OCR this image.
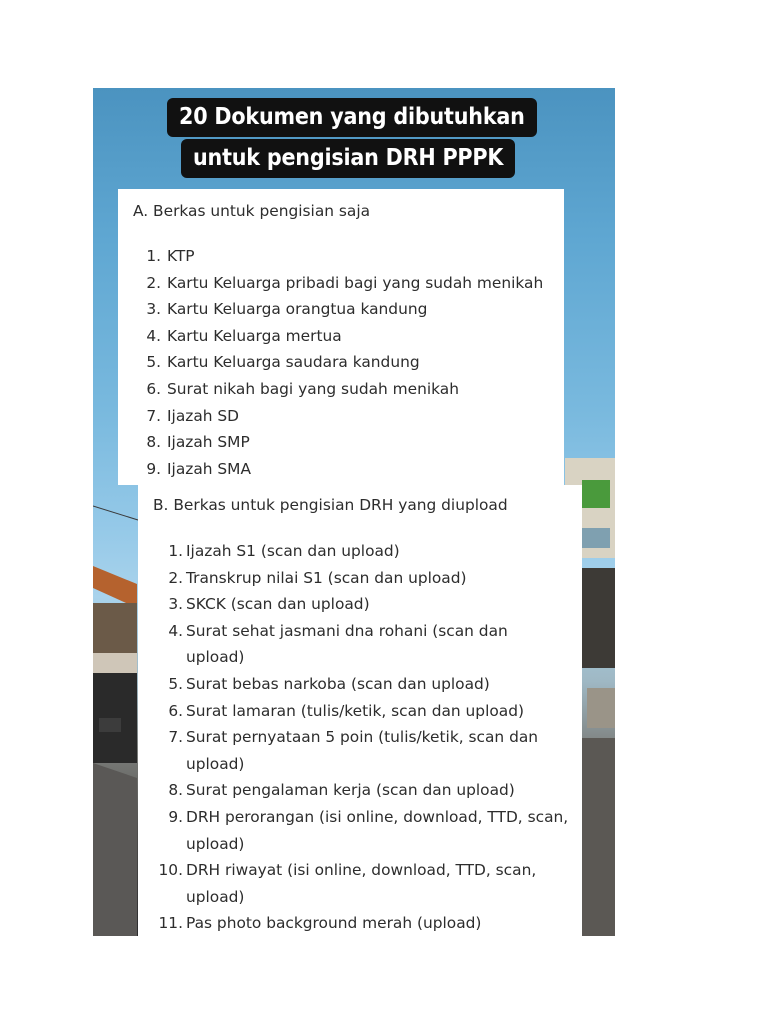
20 Dokumen yang dibutuhkan
untuk pengisian DRH PPPK
A. Berkas untuk pengisian saja
1. KTP
2. Kartu Keluarga pribadi bagi yang sudah menikah
3. Kartu Keluarga orangtua kandung
4. Kartu Keluarga mertua
5. Kartu Keluarga saudara kandung
6. Surat nikah bagi yang sudah menikah
7. Ijazah SD
8. Ijazah SMP
9. Ijazah SMA
B. Berkas untuk pengisian DRH yang diupload
1. Ijazah S1 (scan dan upload)
2. Transkrup nilai S1 (scan dan upload)
3. SKCK (scan dan upload)
4. Surat sehat jasmani dna rohani (scan dan
upload)
5. Surat bebas narkoba (scan dan upload)
6. Surat lamaran (tulis/ketik, scan dan upload)
7. Surat pernyataan 5 poin (tulis/ketik, scan dan
upload)
8. Surat pengalaman kerja (scan dan upload)
9. DRH perorangan (isi online, download, TTD, scan,
upload)
10. DRH riwayat (isi online, download, TTD, scan,
upload)
11. Pas photo background merah (upload)
